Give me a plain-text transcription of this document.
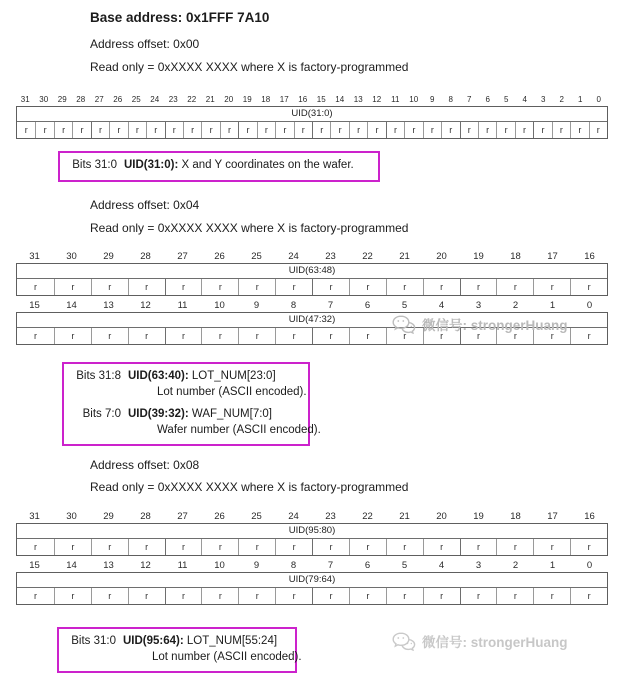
Base address: 0x1FFF 7A10
Address offset: 0x00
Read only = 0xXXXX XXXX where X is factory-programmed
31	30	29	28	27	26	25	24	23	22	21	20	19	18	17	16	15	14	13	12	11	10	9	8	7	6	5	4	3	2	1	0
UID(31:0)
r	r	r	r	r	r	r	r	r	r	r	r	r	r	r	r	r	r	r	r	r	r	r	r	r	r	r	r	r	r	r	r
Bits 31:0 UID(31:0): X and Y coordinates on the wafer.
Address offset: 0x04
Read only = 0xXXXX XXXX where X is factory-programmed
31	30	29	28	27	26	25	24	23	22	21	20	19	18	17	16
UID(63:48)
r	r	r	r	r	r	r	r	r	r	r	r	r	r	r	r
15	14	13	12	11	10	9	8	7	6	5	4	3	2	1	0
UID(47:32)
r	r	r	r	r	r	r	r	r	r	r	r	r	r	r	r
Bits 31:8 UID(63:40): LOT_NUM[23:0]
Lot number (ASCII encoded).
Bits 7:0 UID(39:32): WAF_NUM[7:0]
Wafer number (ASCII encoded).
Address offset: 0x08
Read only = 0xXXXX XXXX where X is factory-programmed
31	30	29	28	27	26	25	24	23	22	21	20	19	18	17	16
UID(95:80)
r	r	r	r	r	r	r	r	r	r	r	r	r	r	r	r
15	14	13	12	11	10	9	8	7	6	5	4	3	2	1	0
UID(79:64)
r	r	r	r	r	r	r	r	r	r	r	r	r	r	r	r
Bits 31:0 UID(95:64): LOT_NUM[55:24]
Lot number (ASCII encoded).
微信号: strongerHuang
微信号: strongerHuang
